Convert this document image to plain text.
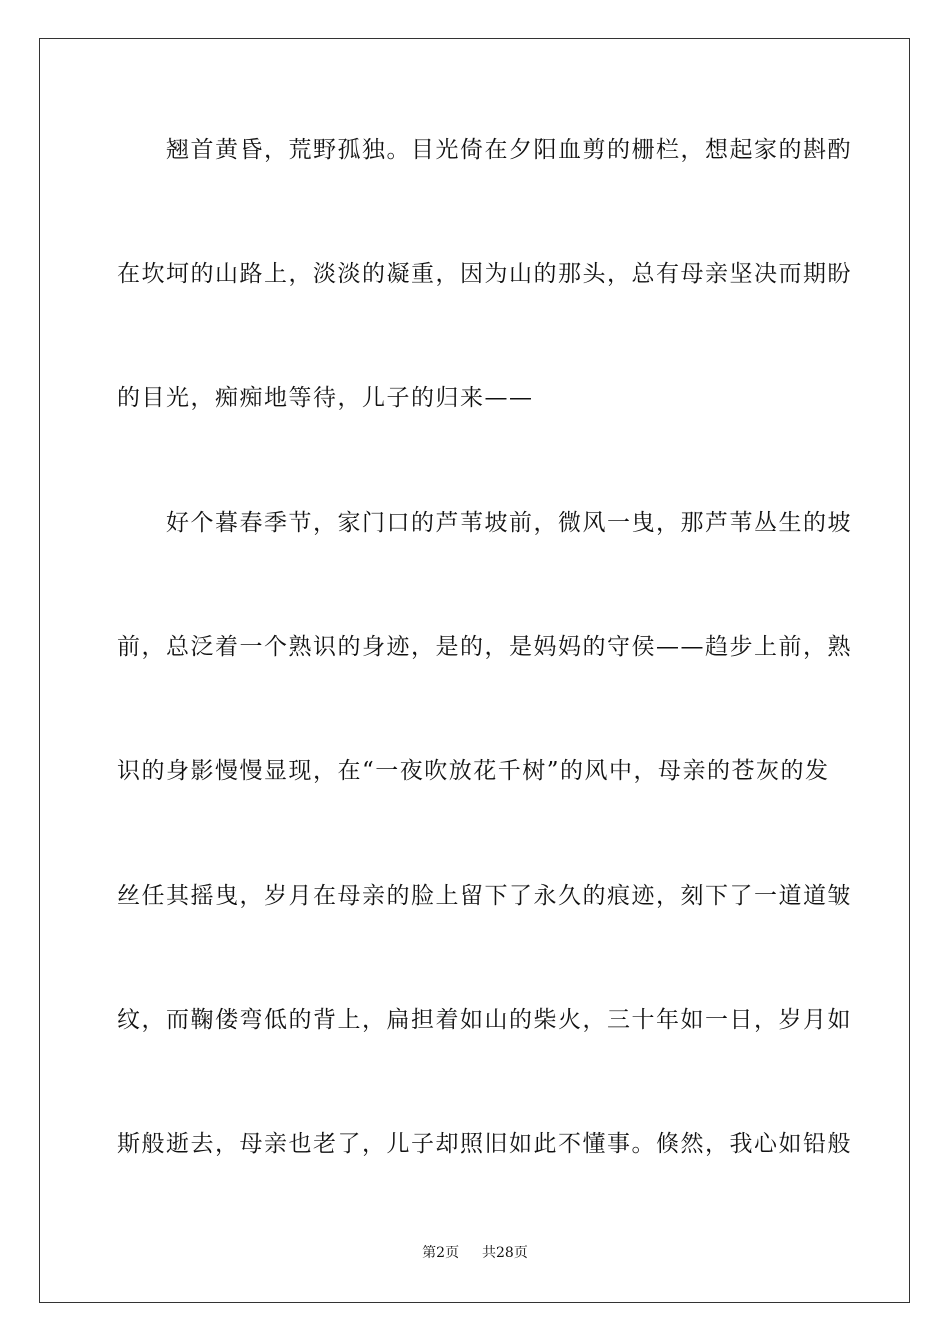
　　翘首黄昏，荒野孤独。目光倚在夕阳血剪的栅栏，想起家的斟酌
在坎坷的山路上，淡淡的凝重，因为山的那头，总有母亲坚决而期盼
的目光，痴痴地等待，儿子的归来——
　　好个暮春季节，家门口的芦苇坡前，微风一曳，那芦苇丛生的坡
前，总泛着一个熟识的身迹，是的，是妈妈的守侯——趋步上前，熟
识的身影慢慢显现，在“一夜吹放花千树”的风中，母亲的苍灰的发
丝任其摇曳，岁月在母亲的脸上留下了永久的痕迹，刻下了一道道皱
纹，而鞠偻弯低的背上，扁担着如山的柴火，三十年如一日，岁月如
斯般逝去，母亲也老了，儿子却照旧如此不懂事。倏然，我心如铅般
第2页 共28页
